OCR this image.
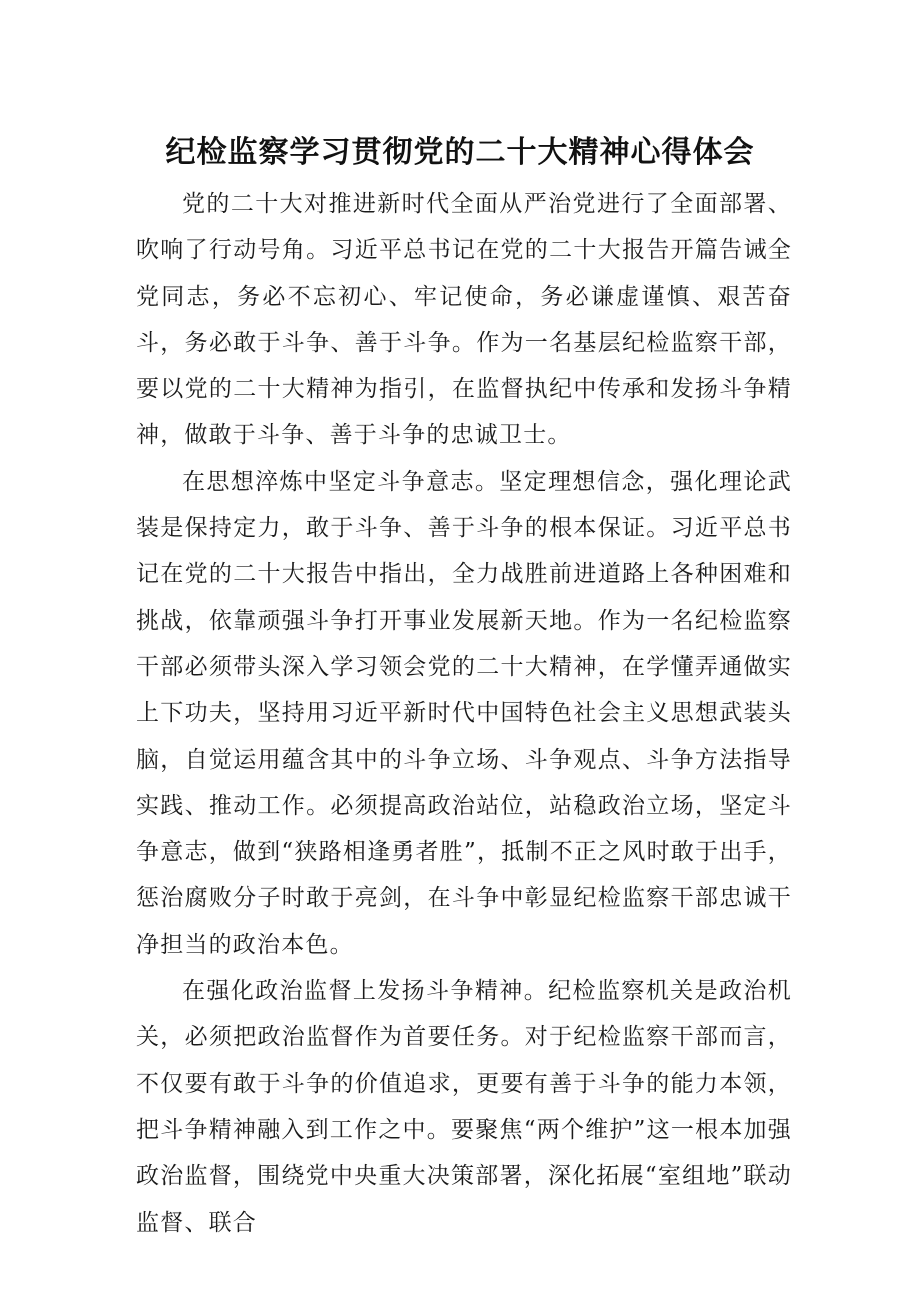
纪检监察学习贯彻党的二十大精神心得体会

党的二十大对推进新时代全面从严治党进行了全面部署、吹响了行动号角。习近平总书记在党的二十大报告开篇告诫全党同志，务必不忘初心、牢记使命，务必谦虚谨慎、艰苦奋斗，务必敢于斗争、善于斗争。作为一名基层纪检监察干部，要以党的二十大精神为指引，在监督执纪中传承和发扬斗争精神，做敢于斗争、善于斗争的忠诚卫士。

在思想淬炼中坚定斗争意志。坚定理想信念，强化理论武装是保持定力，敢于斗争、善于斗争的根本保证。习近平总书记在党的二十大报告中指出，全力战胜前进道路上各种困难和挑战，依靠顽强斗争打开事业发展新天地。作为一名纪检监察干部必须带头深入学习领会党的二十大精神，在学懂弄通做实上下功夫，坚持用习近平新时代中国特色社会主义思想武装头脑，自觉运用蕴含其中的斗争立场、斗争观点、斗争方法指导实践、推动工作。必须提高政治站位，站稳政治立场，坚定斗争意志，做到“狭路相逢勇者胜”，抵制不正之风时敢于出手，惩治腐败分子时敢于亮剑，在斗争中彰显纪检监察干部忠诚干净担当的政治本色。

在强化政治监督上发扬斗争精神。纪检监察机关是政治机关，必须把政治监督作为首要任务。对于纪检监察干部而言，不仅要有敢于斗争的价值追求，更要有善于斗争的能力本领，把斗争精神融入到工作之中。要聚焦“两个维护”这一根本加强政治监督，围绕党中央重大决策部署，深化拓展“室组地”联动监督、联合
